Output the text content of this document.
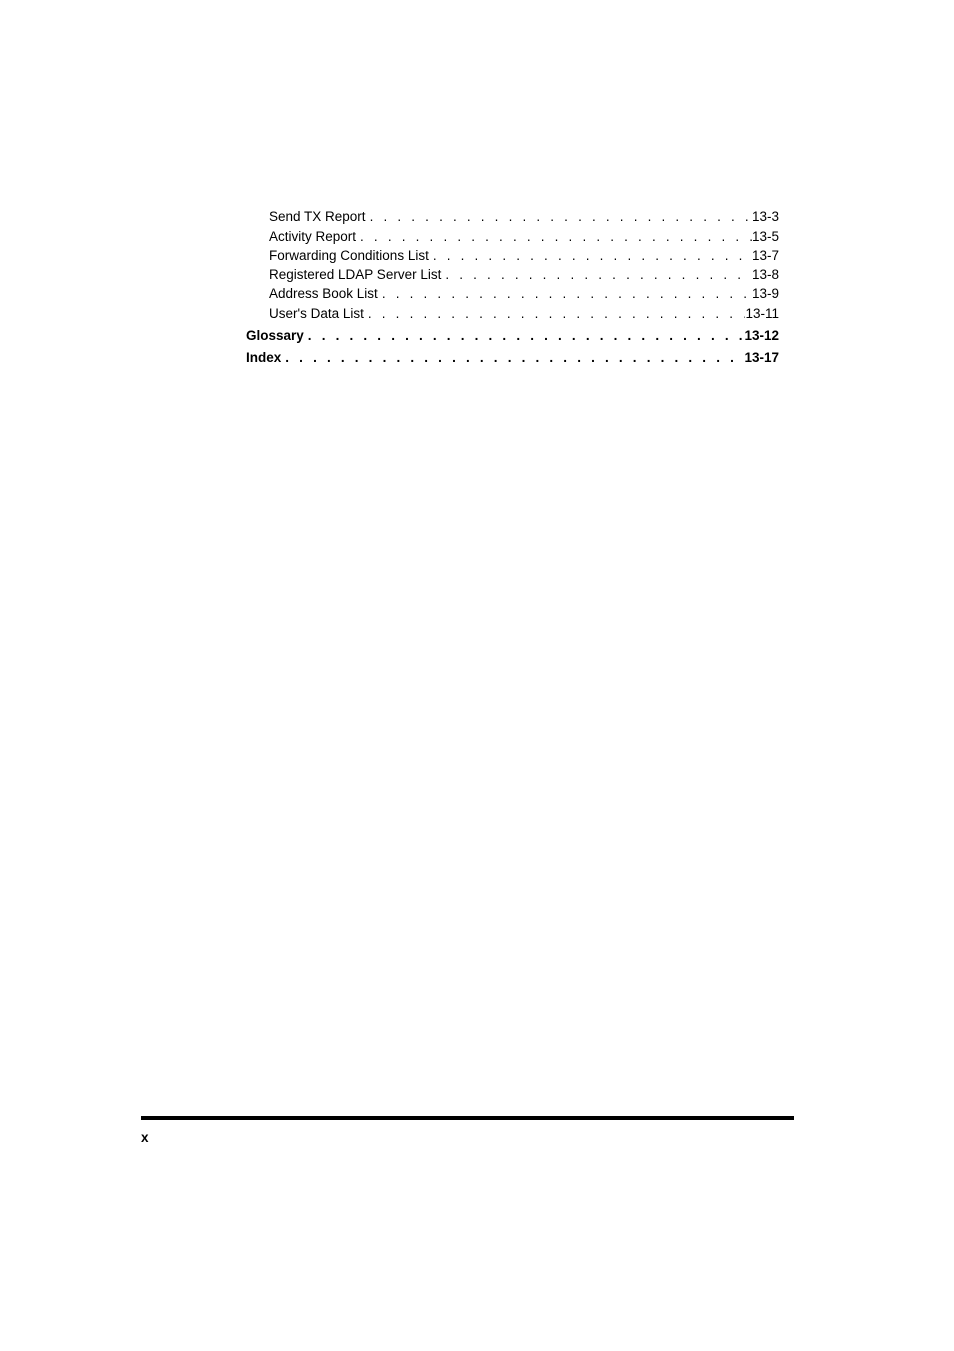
Send TX Report . . .	13-3
Activity Report . . .	13-5
Forwarding Conditions List . . .	13-7
Registered LDAP Server List . . .	13-8
Address Book List . . .	13-9
User's Data List . . .	13-11
Glossary . . .	13-12
Index . . .	13-17
x
